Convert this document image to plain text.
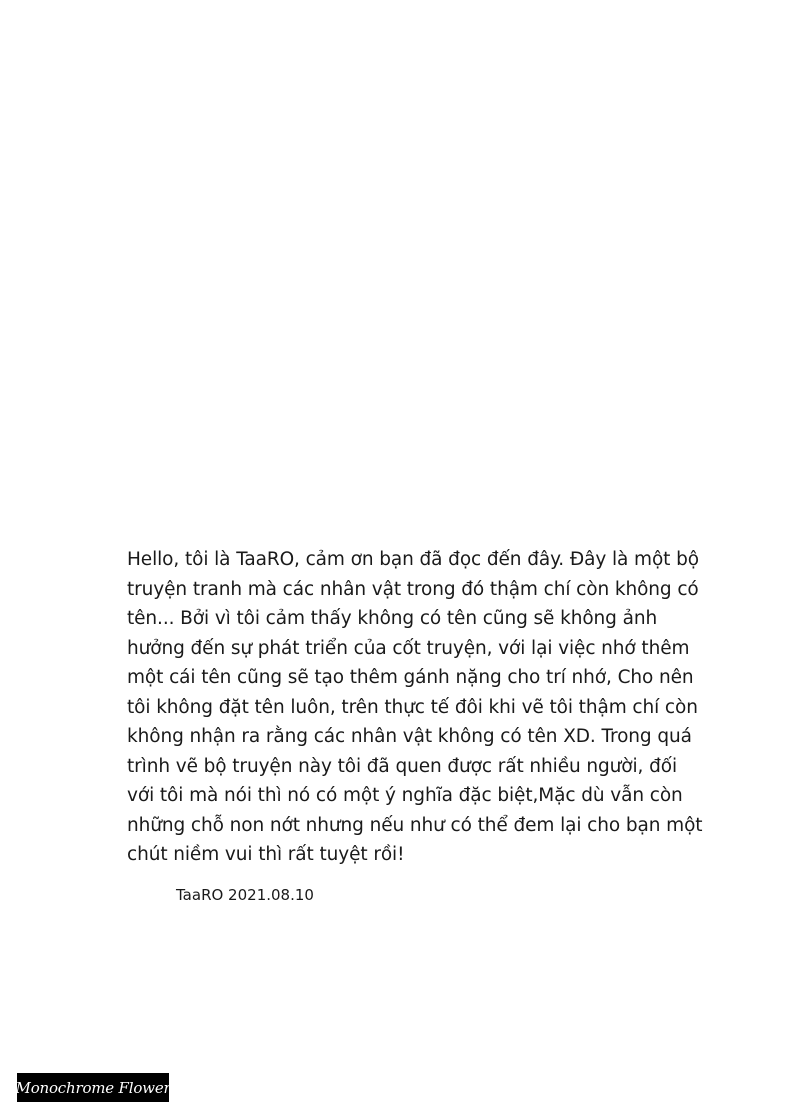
Hello, tôi là TaaRO, cảm ơn bạn đã đọc đến đây. Đây là một bộ
truyện tranh mà các nhân vật trong đó thậm chí còn không có
tên... Bởi vì tôi cảm thấy không có tên cũng sẽ không ảnh
hưởng đến sự phát triển của cốt truyện, với lại việc nhớ thêm
một cái tên cũng sẽ tạo thêm gánh nặng cho trí nhớ, Cho nên
tôi không đặt tên luôn, trên thực tế đôi khi vẽ tôi thậm chí còn
không nhận ra rằng các nhân vật không có tên XD. Trong quá
trình vẽ bộ truyện này tôi đã quen được rất nhiều người, đối
với tôi mà nói thì nó có một ý nghĩa đặc biệt,Mặc dù vẫn còn
những chỗ non nớt nhưng nếu như có thể đem lại cho bạn một
chút niềm vui thì rất tuyệt rồi!
TaaRO 2021.08.10
Monochrome Flower
